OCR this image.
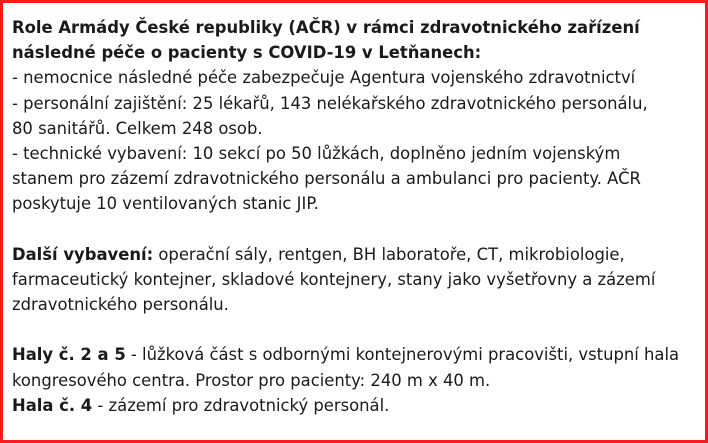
Role Armády České republiky (AČR) v rámci zdravotnického zařízení

následné péče o pacienty s COVID-19 v Letňanech:

- nemocnice následné péče zabezpečuje Agentura vojenského zdravotnictví

- personální zajištění: 25 lékařů, 143 nelékařského zdravotnického personálu,

80 sanitářů. Celkem 248 osob.

- technické vybavení: 10 sekcí po 50 lůžkách, doplněno jedním vojenským

stanem pro zázemí zdravotnického personálu a ambulanci pro pacienty. AČR

poskytuje 10 ventilovaných stanic JIP.

Další vybavení: operační sály, rentgen, BH laboratoře, CT, mikrobiologie,

farmaceutický kontejner, skladové kontejnery, stany jako vyšetřovny a zázemí

zdravotnického personálu.

Haly č. 2 a 5 - lůžková část s odbornými kontejnerovými pracovišti, vstupní hala

kongresového centra. Prostor pro pacienty: 240 m x 40 m.

Hala č. 4 - zázemí pro zdravotnický personál.
